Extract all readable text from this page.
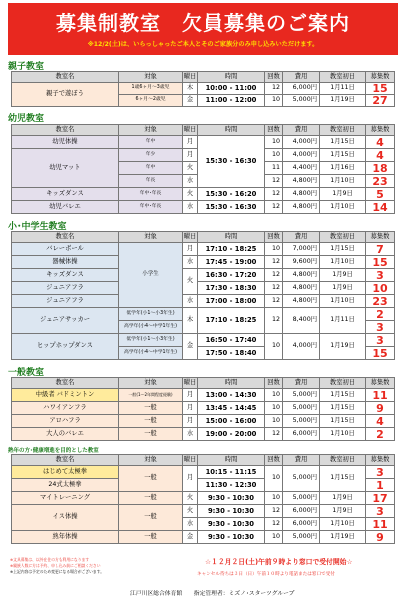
募集制教室　欠員募集のご案内
※12/2(土)は、いらっしゃったご本人とそのご家族分のみ申し込みいただけます。
親子教室
教室名	対象	曜日	時間	回数	費用	教室初日	募集数
親子で遊ぼう	1歳6ヶ月～3歳児	木	10:00 - 11:00	12	6,000円	1月11日	15
	6ヶ月～2歳児	金	11:00 - 12:00	10	5,000円	1月19日	27
幼児教室
教室名	対象	曜日	時間	回数	費用	教室初日	募集数
幼児体操	年中	月	15:30 - 16:30	10	4,000円	1月15日	4
幼児マット	年少	月		10	4,000円	1月15日	4
	年中	火		11	4,400円	1月16日	18
	年長	水		12	4,800円	1月10日	23
キッズダンス	年中･年長	火	15:30 - 16:20	12	4,800円	1月9日	5
幼児バレエ	年中･年長	水	15:30 - 16:30	12	4,800円	1月10日	14
小･中学生教室
教室名	対象	曜日	時間	回数	費用	教室初日	募集数
バレーボール	小学生	月	17:10 - 18:25	10	7,000円	1月15日	7
器械体操		水	17:45 - 19:00	12	9,600円	1月10日	15
キッズダンス		火	16:30 - 17:20	12	4,800円	1月9日	3
ジュニアフラ			17:30 - 18:30	12	4,800円	1月9日	10
ジュニアフラ		水	17:00 - 18:00	12	4,800円	1月10日	23
ジュニアサッカー	低学年(小1～小3年生)	木	17:10 - 18:25	12	8,400円	1月11日	2
	高学年(小4～中学1年生)						3
ヒップホップダンス	低学年(小1～小3年生)	金	16:50 - 17:40	10	4,000円	1月19日	3
	高学年(小4～中学1年生)		17:50 - 18:40				15
一般教室
教室名	対象	曜日	時間	回数	費用	教室初日	募集数
中級者 バドミントン	一般(1～2年間程度経験)	月	13:00 - 14:30	10	5,000円	1月15日	11
ハワイアンフラ	一般	月	13:45 - 14:45	10	5,000円	1月15日	9
アロハフラ	一般	月	15:00 - 16:00	10	5,000円	1月15日	4
大人のバレエ	一般	水	19:00 - 20:00	12	6,000円	1月10日	2
熟年の方･健康増進を目的とした教室
教室名	対象	曜日	時間	回数	費用	教室初日	募集数
はじめて太極拳	一般	月	10:15 - 11:15	10	5,000円	1月15日	3
24式太極拳			11:30 - 12:30				1
マイトレーニング	一般	火	9:30 - 10:30	10	5,000円	1月9日	17
イス体操	一般	火	9:30 - 10:30	12	6,000円	1月9日	3
		水	9:30 - 10:30	12	6,000円	1月10日	11
熟年体操	一般	金	9:30 - 10:30	10	5,000円	1月19日	9
※文具募集は、以外在住の方も利用になります
※親族人数に方は予約、申し込み前にご相談ください
※上記内容は予定のため変更になる場合がございます。
☆１２月２日(土)午前９時より窓口で受付開始☆
キャンセル待ちは３日（日）午前１０時より電話または窓口で受付
江戸川区総合体育館　　指定管理者：ミズノ･スターツグループ
